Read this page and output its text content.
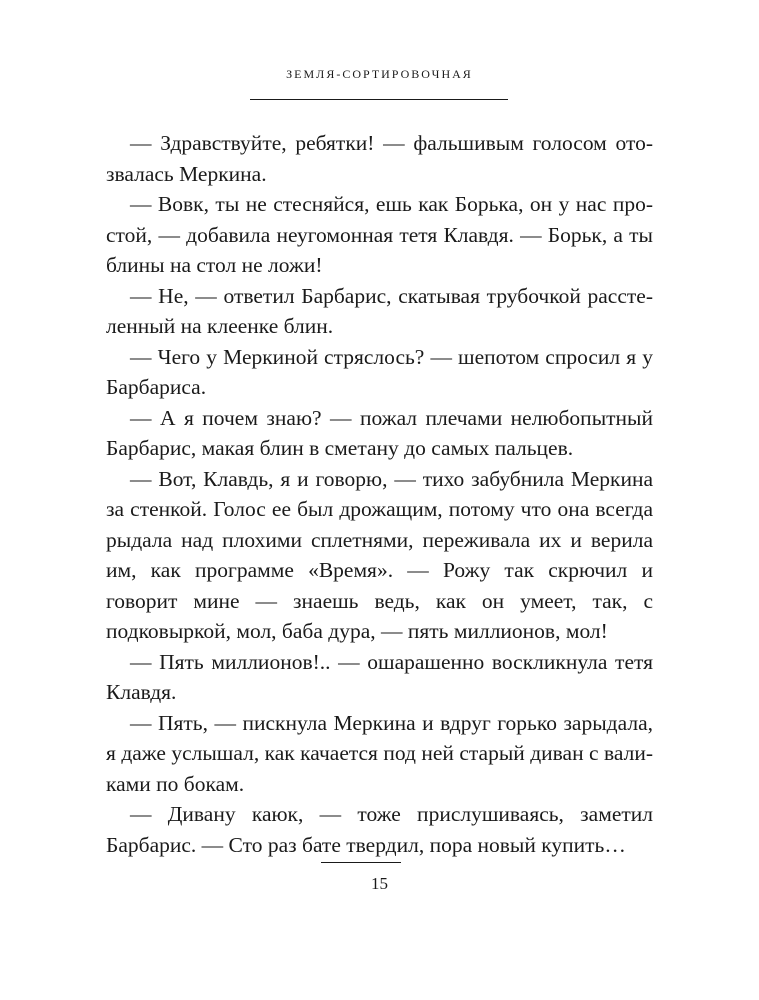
ЗЕМЛЯ-СОРТИРОВОЧНАЯ

— Здравствуйте, ребятки! — фальшивым голосом отозвалась Меркина.

— Вовк, ты не стесняйся, ешь как Борька, он у нас простой, — добавила неугомонная тетя Клавдя. — Борьк, а ты блины на стол не ложи!

— Не, — ответил Барбарис, скатывая трубочкой расстеленный на клеенке блин.

— Чего у Меркиной стряслось? — шепотом спросил я у Барбариса.

— А я почем знаю? — пожал плечами нелюбопытный Барбарис, макая блин в сметану до самых пальцев.

— Вот, Клавдь, я и говорю, — тихо забубнила Меркина за стенкой. Голос ее был дрожащим, потому что она всегда рыдала над плохими сплетнями, переживала их и верила им, как программе «Время». — Рожу так скрючил и говорит мине — знаешь ведь, как он умеет, так, с подковыркой, мол, баба дура, — пять миллионов, мол!

— Пять миллионов!.. — ошарашенно воскликнула тетя Клавдя.

— Пять, — пискнула Меркина и вдруг горько зарыдала, я даже услышал, как качается под ней старый диван с валиками по бокам.

— Дивану каюк, — тоже прислушиваясь, заметил Барбарис. — Сто раз бате твердил, пора новый купить…

15
